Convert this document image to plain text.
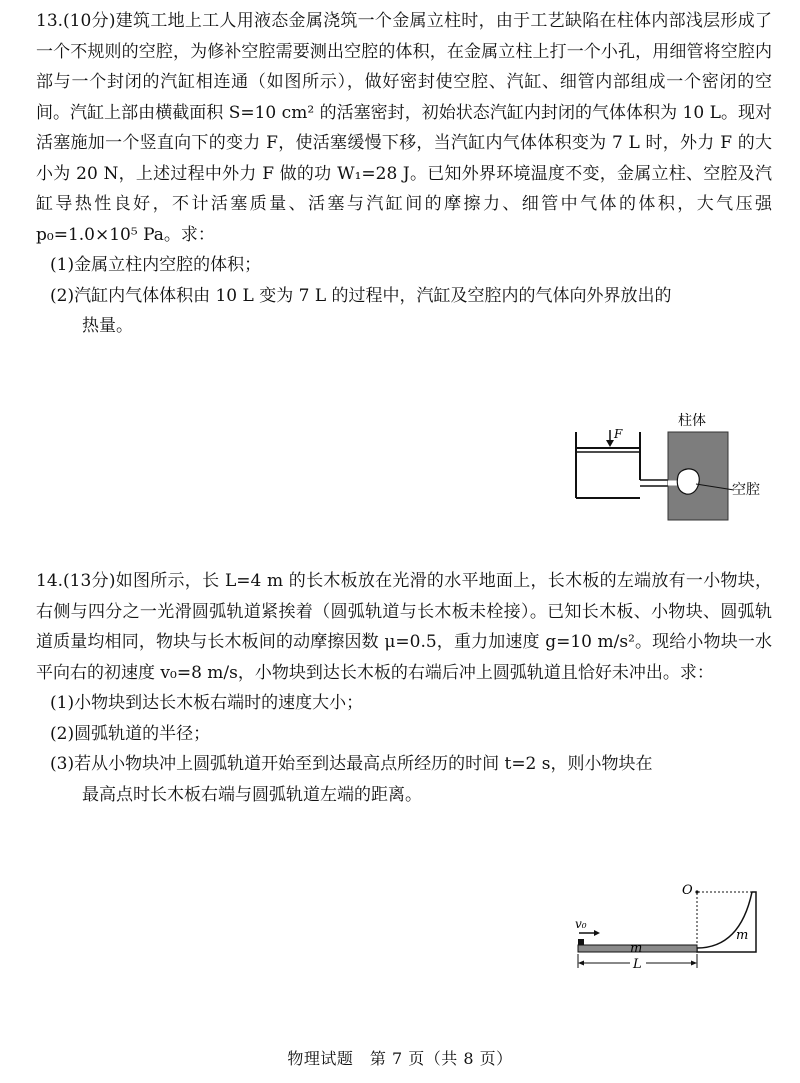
13.(10分)建筑工地上工人用液态金属浇筑一个金属立柱时，由于工艺缺陷在柱体内部浅层形成了一个不规则的空腔，为修补空腔需要测出空腔的体积，在金属立柱上打一个小孔，用细管将空腔内部与一个封闭的汽缸相连通（如图所示），做好密封使空腔、汽缸、细管内部组成一个密闭的空间。汽缸上部由横截面积 S=10 cm² 的活塞密封，初始状态汽缸内封闭的气体体积为 10 L。现对活塞施加一个竖直向下的变力 F，使活塞缓慢下移，当汽缸内气体体积变为 7 L 时，外力 F 的大小为 20 N，上述过程中外力 F 做的功 W₁=28 J。已知外界环境温度不变，金属立柱、空腔及汽缸导热性良好，不计活塞质量、活塞与汽缸间的摩擦力、细管中气体的体积，大气压强 p₀=1.0×10⁵ Pa。求：

(1)金属立柱内空腔的体积；

(2)汽缸内气体体积由 10 L 变为 7 L 的过程中，汽缸及空腔内的气体向外界放出的

热量。

F
柱体
空腔

14.(13分)如图所示，长 L=4 m 的长木板放在光滑的水平地面上，长木板的左端放有一小物块，右侧与四分之一光滑圆弧轨道紧挨着（圆弧轨道与长木板未栓接）。已知长木板、小物块、圆弧轨道质量均相同，物块与长木板间的动摩擦因数 μ=0.5，重力加速度 g=10 m/s²。现给小物块一水平向右的初速度 v₀=8 m/s，小物块到达长木板的右端后冲上圆弧轨道且恰好未冲出。求：

(1)小物块到达长木板右端时的速度大小；

(2)圆弧轨道的半径；

(3)若从小物块冲上圆弧轨道开始至到达最高点所经历的时间 t=2 s，则小物块在

最高点时长木板右端与圆弧轨道左端的距离。

O
m
m
v₀
L
物理试题　第 7 页（共 8 页）
